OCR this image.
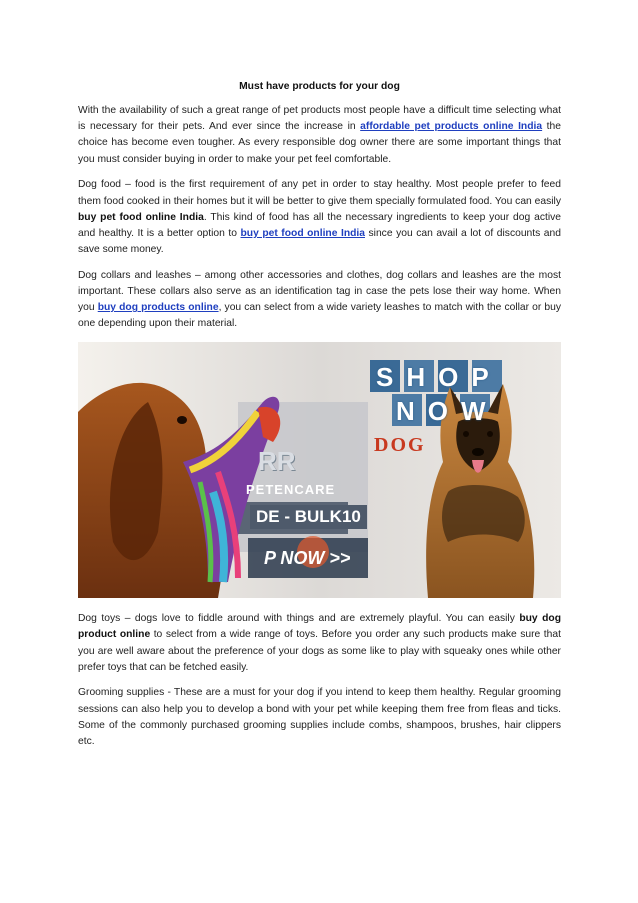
Must have products for your dog

With the availability of such a great range of pet products most people have a difficult time selecting what is necessary for their pets. And ever since the increase in affordable pet products online India the choice has become even tougher. As every responsible dog owner there are some important things that you must consider buying in order to make your pet feel comfortable.

Dog food – food is the first requirement of any pet in order to stay healthy. Most people prefer to feed them food cooked in their homes but it will be better to give them specially formulated food. You can easily buy pet food online India. This kind of food has all the necessary ingredients to keep your dog active and healthy. It is a better option to buy pet food online India since you can avail a lot of discounts and save some money.

Dog collars and leashes – among other accessories and clothes, dog collars and leashes are the most important. These collars also serve as an identification tag in case the pets lose their way home. When you buy dog products online, you can select from a wide variety leashes to match with the collar or buy one depending upon their material.

SHOP
NOW
DOG
RR
PETENCARE
DE - BULK10
P NOW >>

Dog toys – dogs love to fiddle around with things and are extremely playful. You can easily buy dog product online to select from a wide range of toys. Before you order any such products make sure that you are well aware about the preference of your dogs as some like to play with squeaky ones while other prefer toys that can be fetched easily.

Grooming supplies - These are a must for your dog if you intend to keep them healthy. Regular grooming sessions can also help you to develop a bond with your pet while keeping them free from fleas and ticks. Some of the commonly purchased grooming supplies include combs, shampoos, brushes, hair clippers etc.
